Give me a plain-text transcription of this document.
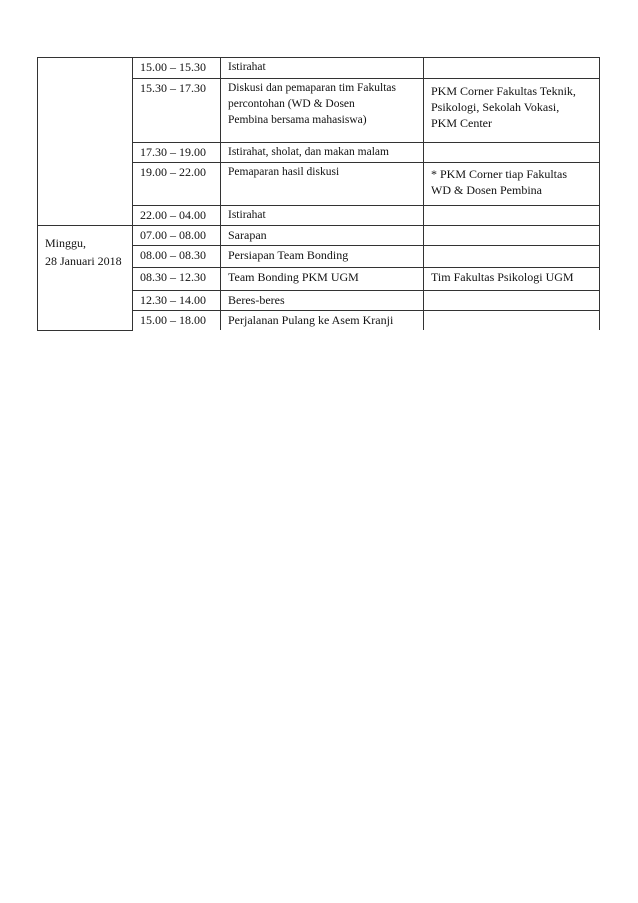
	15.00 – 15.30	Istirahat	

	15.30 – 17.30	Diskusi dan pemaparan tim Fakultas
percontohan (WD & Dosen
Pembina bersama mahasiswa)	PKM Corner Fakultas Teknik,
Psikologi, Sekolah Vokasi,
PKM Center

	17.30 – 19.00	Istirahat, sholat, dan makan malam	

	19.00 – 22.00	Pemaparan hasil diskusi	* PKM Corner tiap Fakultas
WD & Dosen Pembina

	22.00 – 04.00	Istirahat	

Minggu,
28 Januari 2018	07.00 – 08.00	Sarapan	

	08.00 – 08.30	Persiapan Team Bonding	

	08.30 – 12.30	Team Bonding PKM UGM	Tim Fakultas Psikologi UGM

	12.30 – 14.00	Beres-beres	

	15.00 – 18.00	Perjalanan Pulang ke Asem Kranji	
